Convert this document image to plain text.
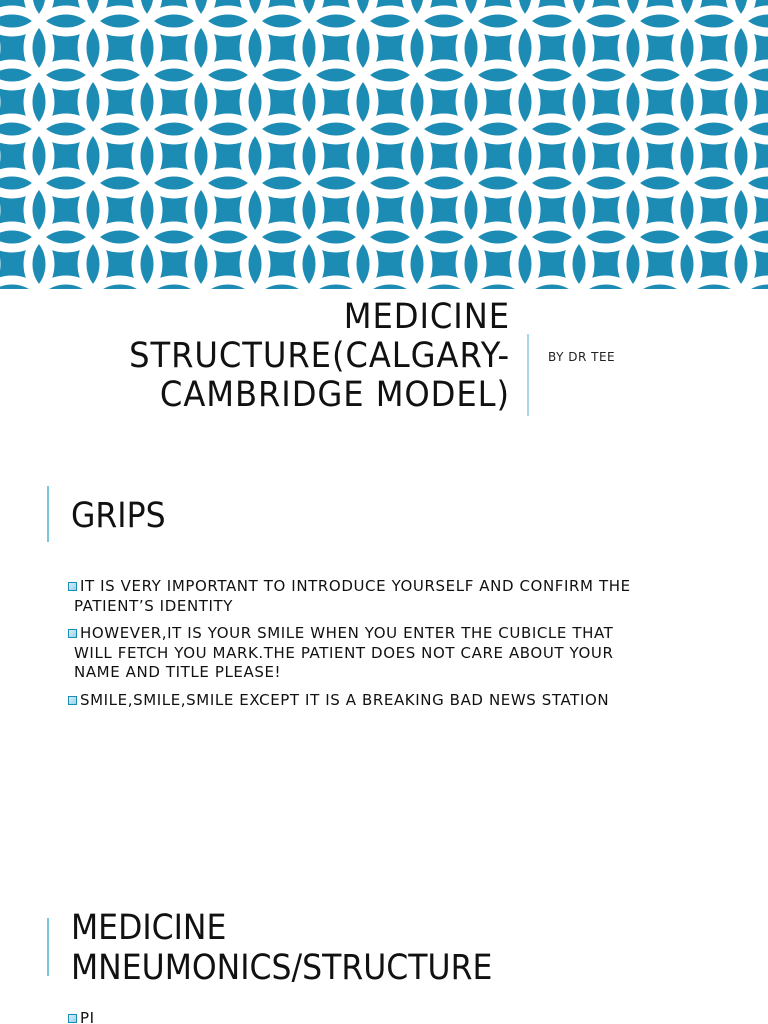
MEDICINE
STRUCTURE(CALGARY-
CAMBRIDGE MODEL)
BY DR TEE
GRIPS
IT IS VERY IMPORTANT TO INTRODUCE YOURSELF AND CONFIRM THE
PATIENT’S IDENTITY
HOWEVER,IT IS YOUR SMILE WHEN YOU ENTER THE CUBICLE THAT
WILL FETCH YOU MARK.THE PATIENT DOES NOT CARE ABOUT YOUR
NAME AND TITLE PLEASE!
SMILE,SMILE,SMILE EXCEPT IT IS A BREAKING BAD NEWS STATION
MEDICINE
MNEUMONICS/STRUCTURE
PI
